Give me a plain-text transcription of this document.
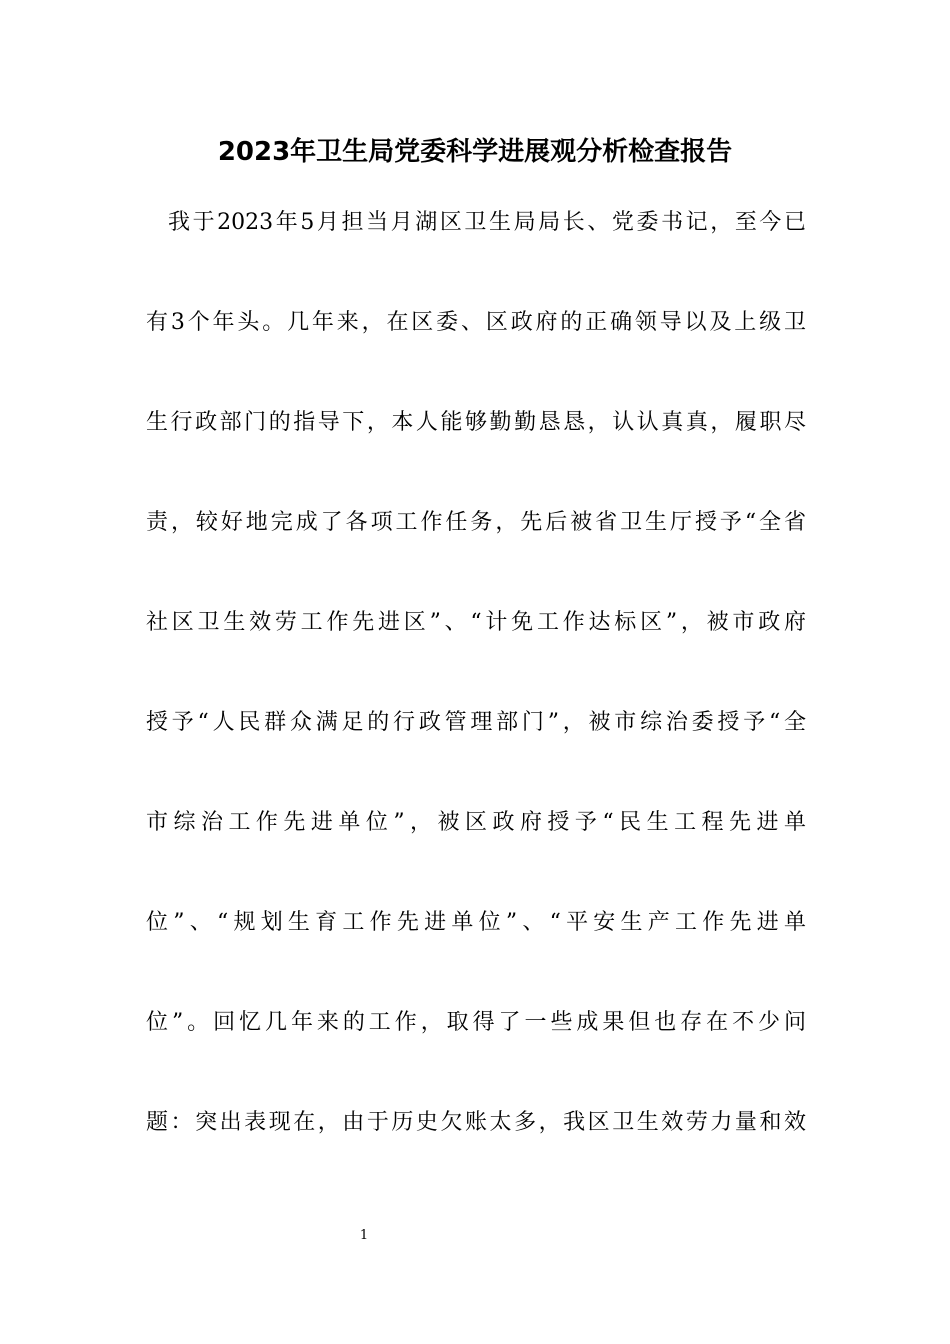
2023年卫生局党委科学进展观分析检查报告
我于2023年5月担当月湖区卫生局局长、党委书记，至今已
有3个年头。几年来，在区委、区政府的正确领导以及上级卫
生行政部门的指导下，本人能够勤勤恳恳，认认真真，履职尽
责，较好地完成了各项工作任务，先后被省卫生厅授予“全省
社区卫生效劳工作先进区”、“计免工作达标区”，被市政府
授予“人民群众满足的行政管理部门”，被市综治委授予“全
市综治工作先进单位”，被区政府授予“民生工程先进单
位”、“规划生育工作先进单位”、“平安生产工作先进单
位”。回忆几年来的工作，取得了一些成果但也存在不少问
题：突出表现在，由于历史欠账太多，我区卫生效劳力量和效
1
